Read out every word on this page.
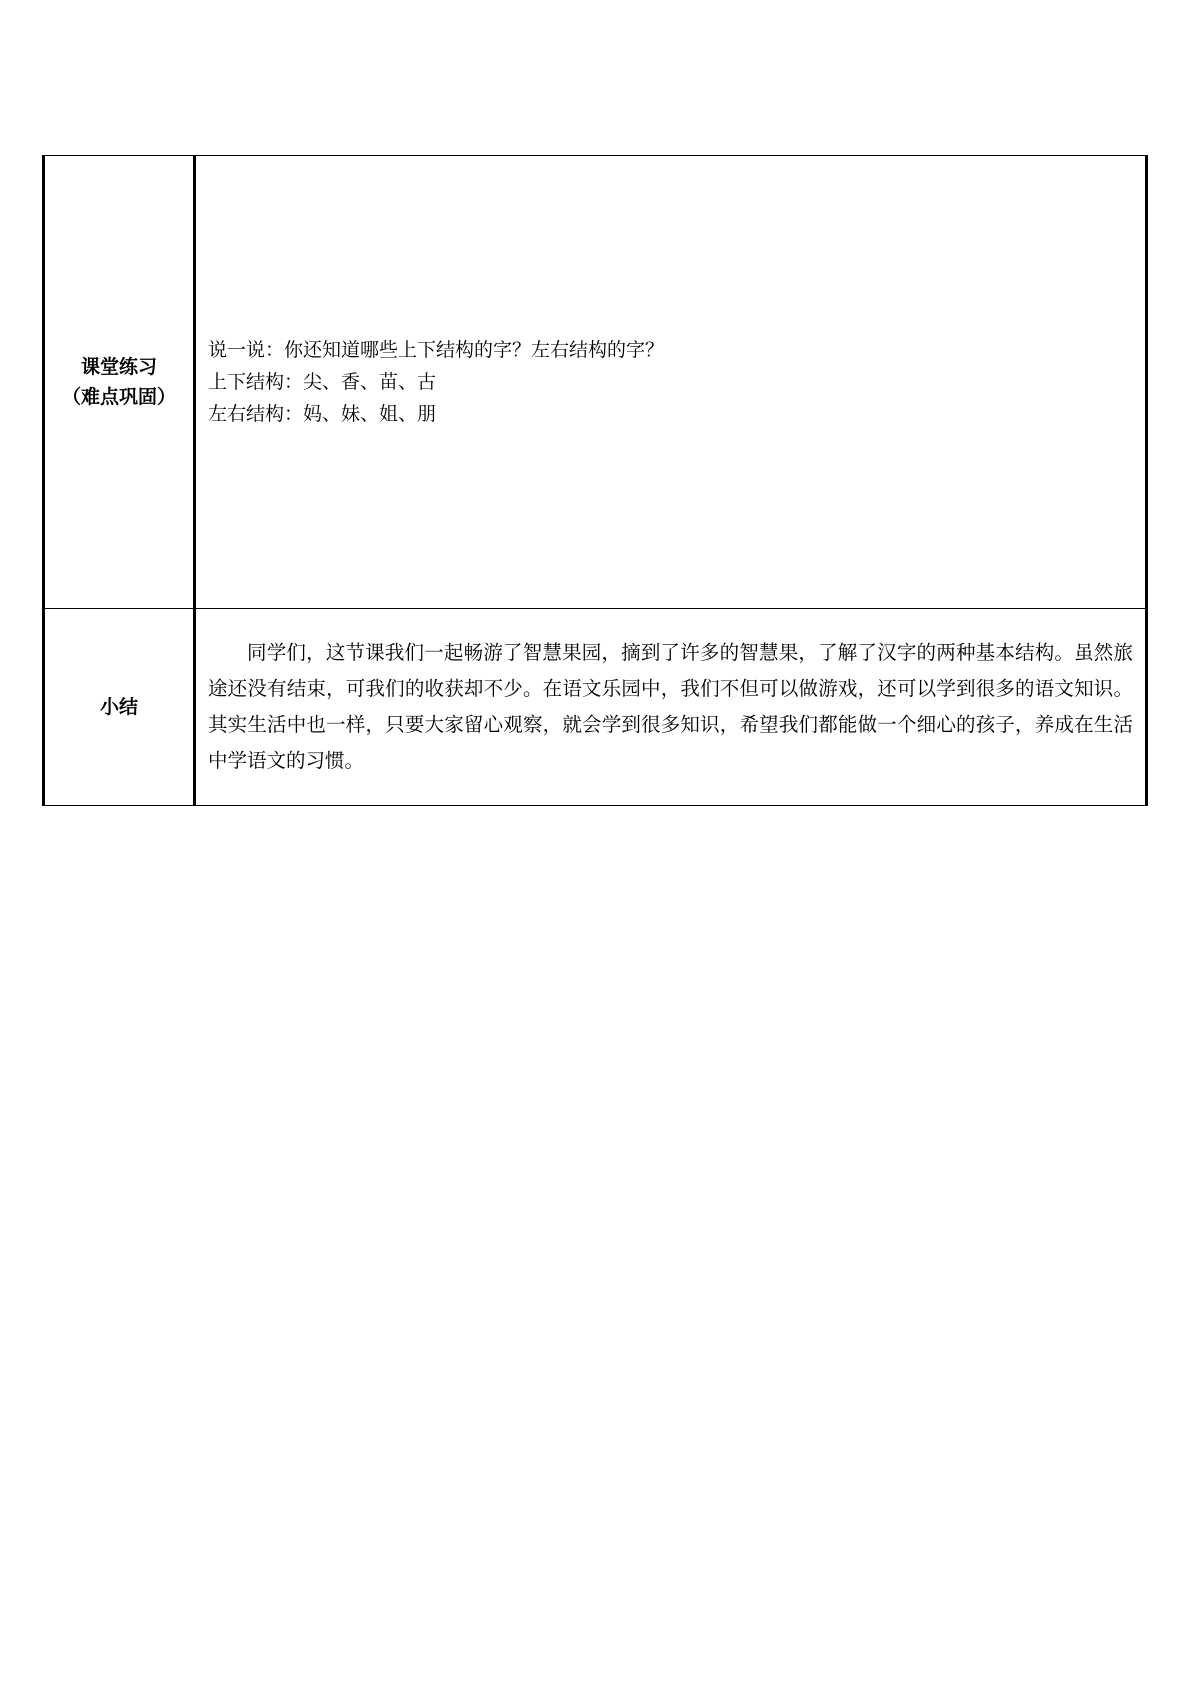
课堂练习
（难点巩固）	说一说：你还知道哪些上下结构的字？左右结构的字？
上下结构：尖、香、苗、古
左右结构：妈、妹、姐、朋

小结	同学们，这节课我们一起畅游了智慧果园，摘到了许多的智慧果，了解了汉字的两种基本结构。虽然旅途还没有结束，可我们的收获却不少。在语文乐园中，我们不但可以做游戏，还可以学到很多的语文知识。其实生活中也一样，只要大家留心观察，就会学到很多知识，希望我们都能做一个细心的孩子，养成在生活中学语文的习惯。
